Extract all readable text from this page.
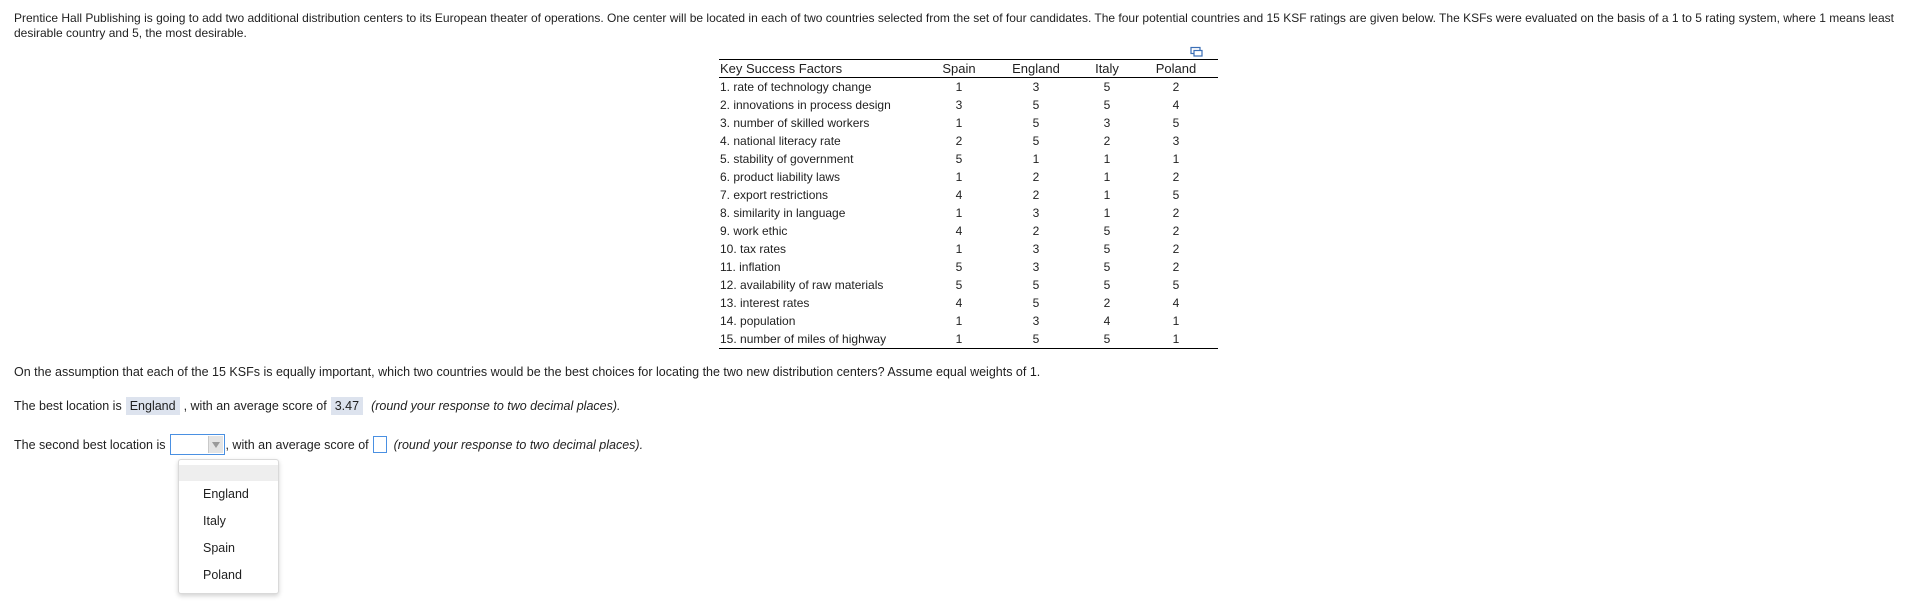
Prentice Hall Publishing is going to add two additional distribution centers to its European theater of operations. One center will be located in each of two countries selected from the set of four candidates. The four potential countries and 15 KSF ratings are given below. The KSFs were evaluated on the basis of a 1 to 5 rating system, where 1 means least desirable country and 5, the most desirable.
Key Success Factors	Spain	England	Italy	Poland
1. rate of technology change	1	3	5	2
2. innovations in process design	3	5	5	4
3. number of skilled workers	1	5	3	5
4. national literacy rate	2	5	2	3
5. stability of government	5	1	1	1
6. product liability laws	1	2	1	2
7. export restrictions	4	2	1	5
8. similarity in language	1	3	1	2
9. work ethic	4	2	5	2
10. tax rates	1	3	5	2
11. inflation	5	3	5	2
12. availability of raw materials	5	5	5	5
13. interest rates	4	5	2	4
14. population	1	3	4	1
15. number of miles of highway	1	5	5	1
On the assumption that each of the 15 KSFs is equally important, which two countries would be the best choices for locating the two new distribution centers? Assume equal weights of 1.
The best location is England , with an average score of 3.47 (round your response to two decimal places).
The second best location is	, with an average score of (round your response to two decimal places).
England
Italy
Spain
Poland
